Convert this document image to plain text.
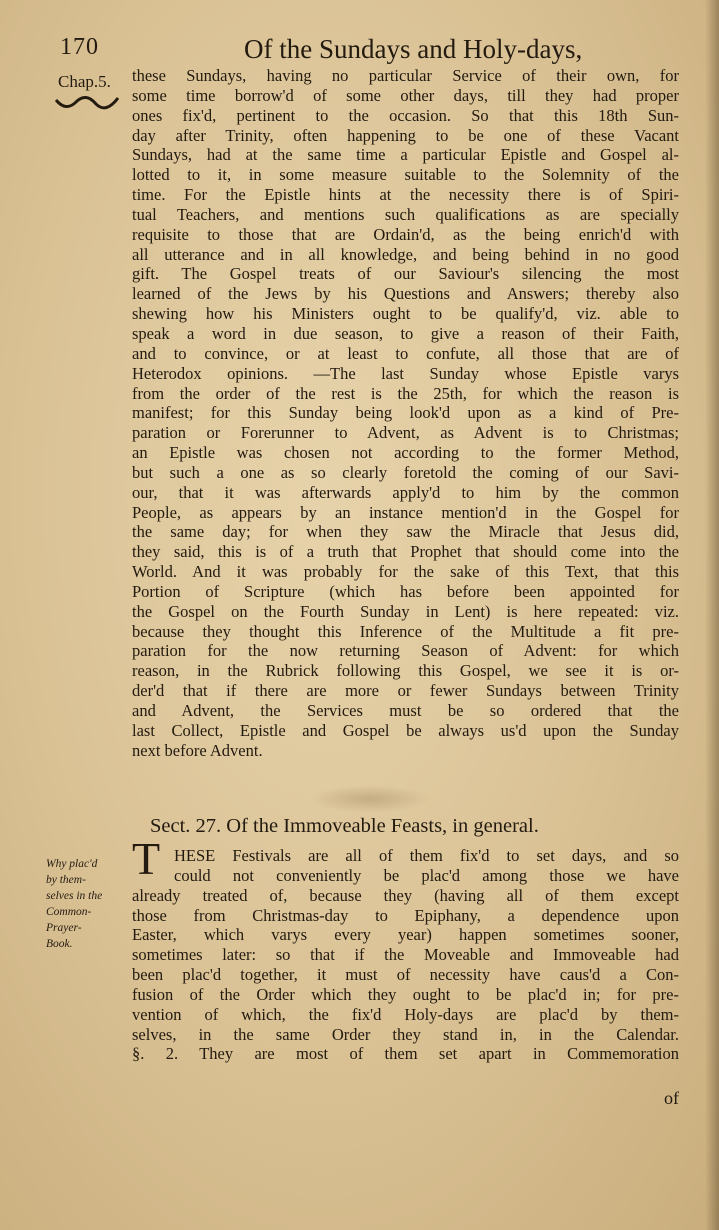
170	Of the Sundays and Holy-days,
Chap.5. these Sundays, having no particular Service of their own, for
some time borrow'd of some other days, till they had proper
ones fix'd, pertinent to the occasion. So that this 18th Sun-
day after Trinity, often happening to be one of these Vacant
Sundays, had at the same time a particular Epistle and Gospel al-
lotted to it, in some measure suitable to the Solemnity of the
time. For the Epistle hints at the necessity there is of Spiri-
tual Teachers, and mentions such qualifications as are specially
requisite to those that are Ordain'd, as the being enrich'd with
all utterance and in all knowledge, and being behind in no good
gift. The Gospel treats of our Saviour's silencing the most
learned of the Jews by his Questions and Answers; thereby also
shewing how his Ministers ought to be qualify'd, viz. able to
speak a word in due season, to give a reason of their Faith,
and to convince, or at least to confute, all those that are of
Heterodox opinions. —The last Sunday whose Epistle varys
from the order of the rest is the 25th, for which the reason is
manifest; for this Sunday being look'd upon as a kind of Pre-
paration or Forerunner to Advent, as Advent is to Christmas;
an Epistle was chosen not according to the former Method,
but such a one as so clearly foretold the coming of our Savi-
our, that it was afterwards apply'd to him by the common
People, as appears by an instance mention'd in the Gospel for
the same day; for when they saw the Miracle that Jesus did,
they said, this is of a truth that Prophet that should come into the
World. And it was probably for the sake of this Text, that this
Portion of Scripture (which has before been appointed for
the Gospel on the Fourth Sunday in Lent) is here repeated: viz.
because they thought this Inference of the Multitude a fit pre-
paration for the now returning Season of Advent: for which
reason, in the Rubrick following this Gospel, we see it is or-
der'd that if there are more or fewer Sundays between Trinity
and Advent, the Services must be so ordered that the
last Collect, Epistle and Gospel be always us'd upon the Sunday
next before Advent.
Sect. 27. Of the Immoveable Feasts, in general.
Why plac'd
by them-
selves in the
Common-
Prayer-
Book.
T HESE Festivals are all of them fix'd to set days, and so
could not conveniently be plac'd among those we have
already treated of, because they (having all of them except
those from Christmas-day to Epiphany, a dependence upon
Easter, which varys every year) happen sometimes sooner,
sometimes later: so that if the Moveable and Immoveable had
been plac'd together, it must of necessity have caus'd a Con-
fusion of the Order which they ought to be plac'd in; for pre-
vention of which, the fix'd Holy-days are plac'd by them-
selves, in the same Order they stand in, in the Calendar.
§. 2. They are most of them set apart in Commemoration
of
